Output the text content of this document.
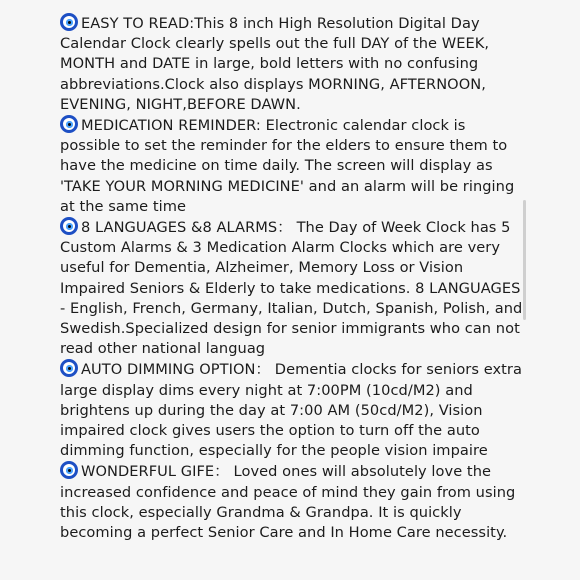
EASY TO READ:This 8 inch High Resolution Digital Day Calendar Clock clearly spells out the full DAY of the WEEK, MONTH and DATE in large, bold letters with no confusing abbreviations.Clock also displays MORNING, AFTERNOON, EVENING, NIGHT,BEFORE DAWN.

MEDICATION REMINDER: Electronic calendar clock is possible to set the reminder for the elders to ensure them to have the medicine on time daily. The screen will display as 'TAKE YOUR MORNING MEDICINE' and an alarm will be ringing at the same time

8 LANGUAGES &8 ALARMS： The Day of Week Clock has 5 Custom Alarms & 3 Medication Alarm Clocks which are very useful for Dementia, Alzheimer, Memory Loss or Vision Impaired Seniors & Elderly to take medications. 8 LANGUAGES - English, French, Germany, Italian, Dutch, Spanish, Polish, and Swedish.Specialized design for senior immigrants who can not read other national languag

AUTO DIMMING OPTION： Dementia clocks for seniors extra large display dims every night at 7:00PM (10cd/M2) and brightens up during the day at 7:00 AM (50cd/M2), Vision impaired clock gives users the option to turn off the auto dimming function, especially for the people vision impaire

WONDERFUL GIFE： Loved ones will absolutely love the increased confidence and peace of mind they gain from using this clock, especially Grandma & Grandpa. It is quickly becoming a perfect Senior Care and In Home Care necessity.
